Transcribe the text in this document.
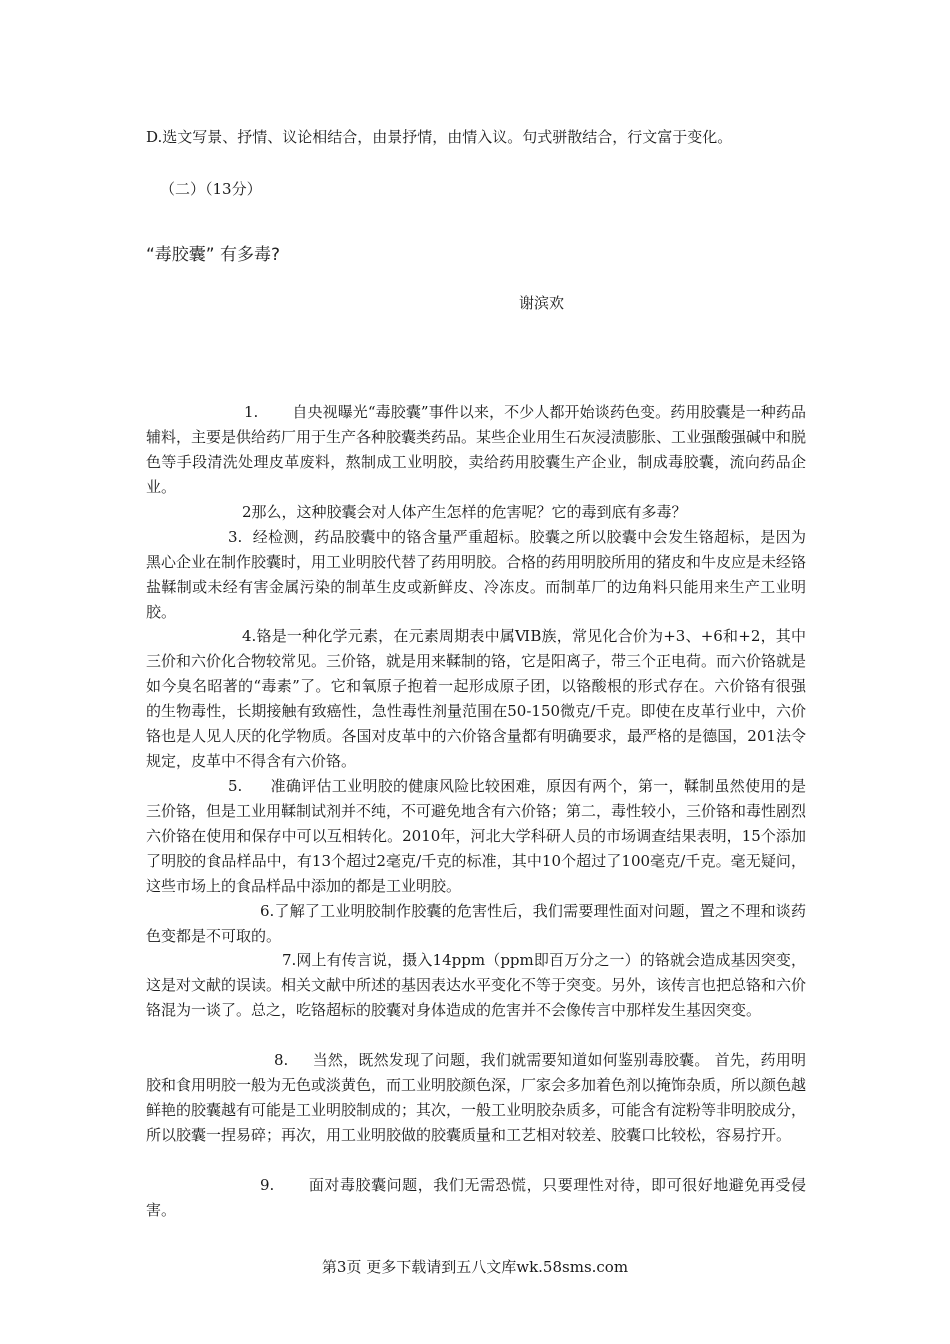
D.选文写景、抒情、议论相结合，由景抒情，由情入议。句式骈散结合，行文富于变化。
（二）（13分）
“毒胶囊” 有多毒?
谢滨欢
1. 自央视曝光“毒胶囊”事件以来，不少人都开始谈药色变。药用胶囊是一种药品辅料，主要是供给药厂用于生产各种胶囊类药品。某些企业用生石灰浸渍膨胀、工业强酸强碱中和脱色等手段清洗处理皮革废料，熬制成工业明胶，卖给药用胶囊生产企业，制成毒胶囊，流向药品企业。
2那么，这种胶囊会对人体产生怎样的危害呢？它的毒到底有多毒？
3. 经检测，药品胶囊中的铬含量严重超标。胶囊之所以胶囊中会发生铬超标，是因为黑心企业在制作胶囊时，用工业明胶代替了药用明胶。合格的药用明胶所用的猪皮和牛皮应是未经铬盐鞣制或未经有害金属污染的制革生皮或新鲜皮、冷冻皮。而制革厂的边角料只能用来生产工业明胶。
4.铬是一种化学元素，在元素周期表中属ⅥB族，常见化合价为+3、+6和+2，其中三价和六价化合物较常见。三价铬，就是用来鞣制的铬，它是阳离子，带三个正电荷。而六价铬就是如今臭名昭著的“毒素”了。它和氧原子抱着一起形成原子团，以铬酸根的形式存在。六价铬有很强的生物毒性，长期接触有致癌性，急性毒性剂量范围在50-150微克/千克。即使在皮革行业中，六价铬也是人见人厌的化学物质。各国对皮革中的六价铬含量都有明确要求，最严格的是德国，201法令规定，皮革中不得含有六价铬。
5. 准确评估工业明胶的健康风险比较困难，原因有两个，第一，鞣制虽然使用的是三价铬，但是工业用鞣制试剂并不纯，不可避免地含有六价铬；第二，毒性较小，三价铬和毒性剧烈六价铬在使用和保存中可以互相转化。2010年，河北大学科研人员的市场调查结果表明，15个添加了明胶的食品样品中，有13个超过2毫克/千克的标准，其中10个超过了100毫克/千克。毫无疑问，这些市场上的食品样品中添加的都是工业明胶。
6.了解了工业明胶制作胶囊的危害性后，我们需要理性面对问题，置之不理和谈药色变都是不可取的。
7.网上有传言说，摄入14ppm（ppm即百万分之一）的铬就会造成基因突变，这是对文献的误读。相关文献中所述的基因表达水平变化不等于突变。另外，该传言也把总铬和六价铬混为一谈了。总之，吃铬超标的胶囊对身体造成的危害并不会像传言中那样发生基因突变。
8. 当然，既然发现了问题，我们就需要知道如何鉴别毒胶囊。 首先，药用明胶和食用明胶一般为无色或淡黄色，而工业明胶颜色深，厂家会多加着色剂以掩饰杂质，所以颜色越鲜艳的胶囊越有可能是工业明胶制成的；其次，一般工业明胶杂质多，可能含有淀粉等非明胶成分，所以胶囊一捏易碎；再次，用工业明胶做的胶囊质量和工艺相对较差、胶囊口比较松，容易拧开。
9. 面对毒胶囊问题，我们无需恐慌，只要理性对待，即可很好地避免再受侵害。
第3页 更多下载请到五八文库wk.58sms.com
